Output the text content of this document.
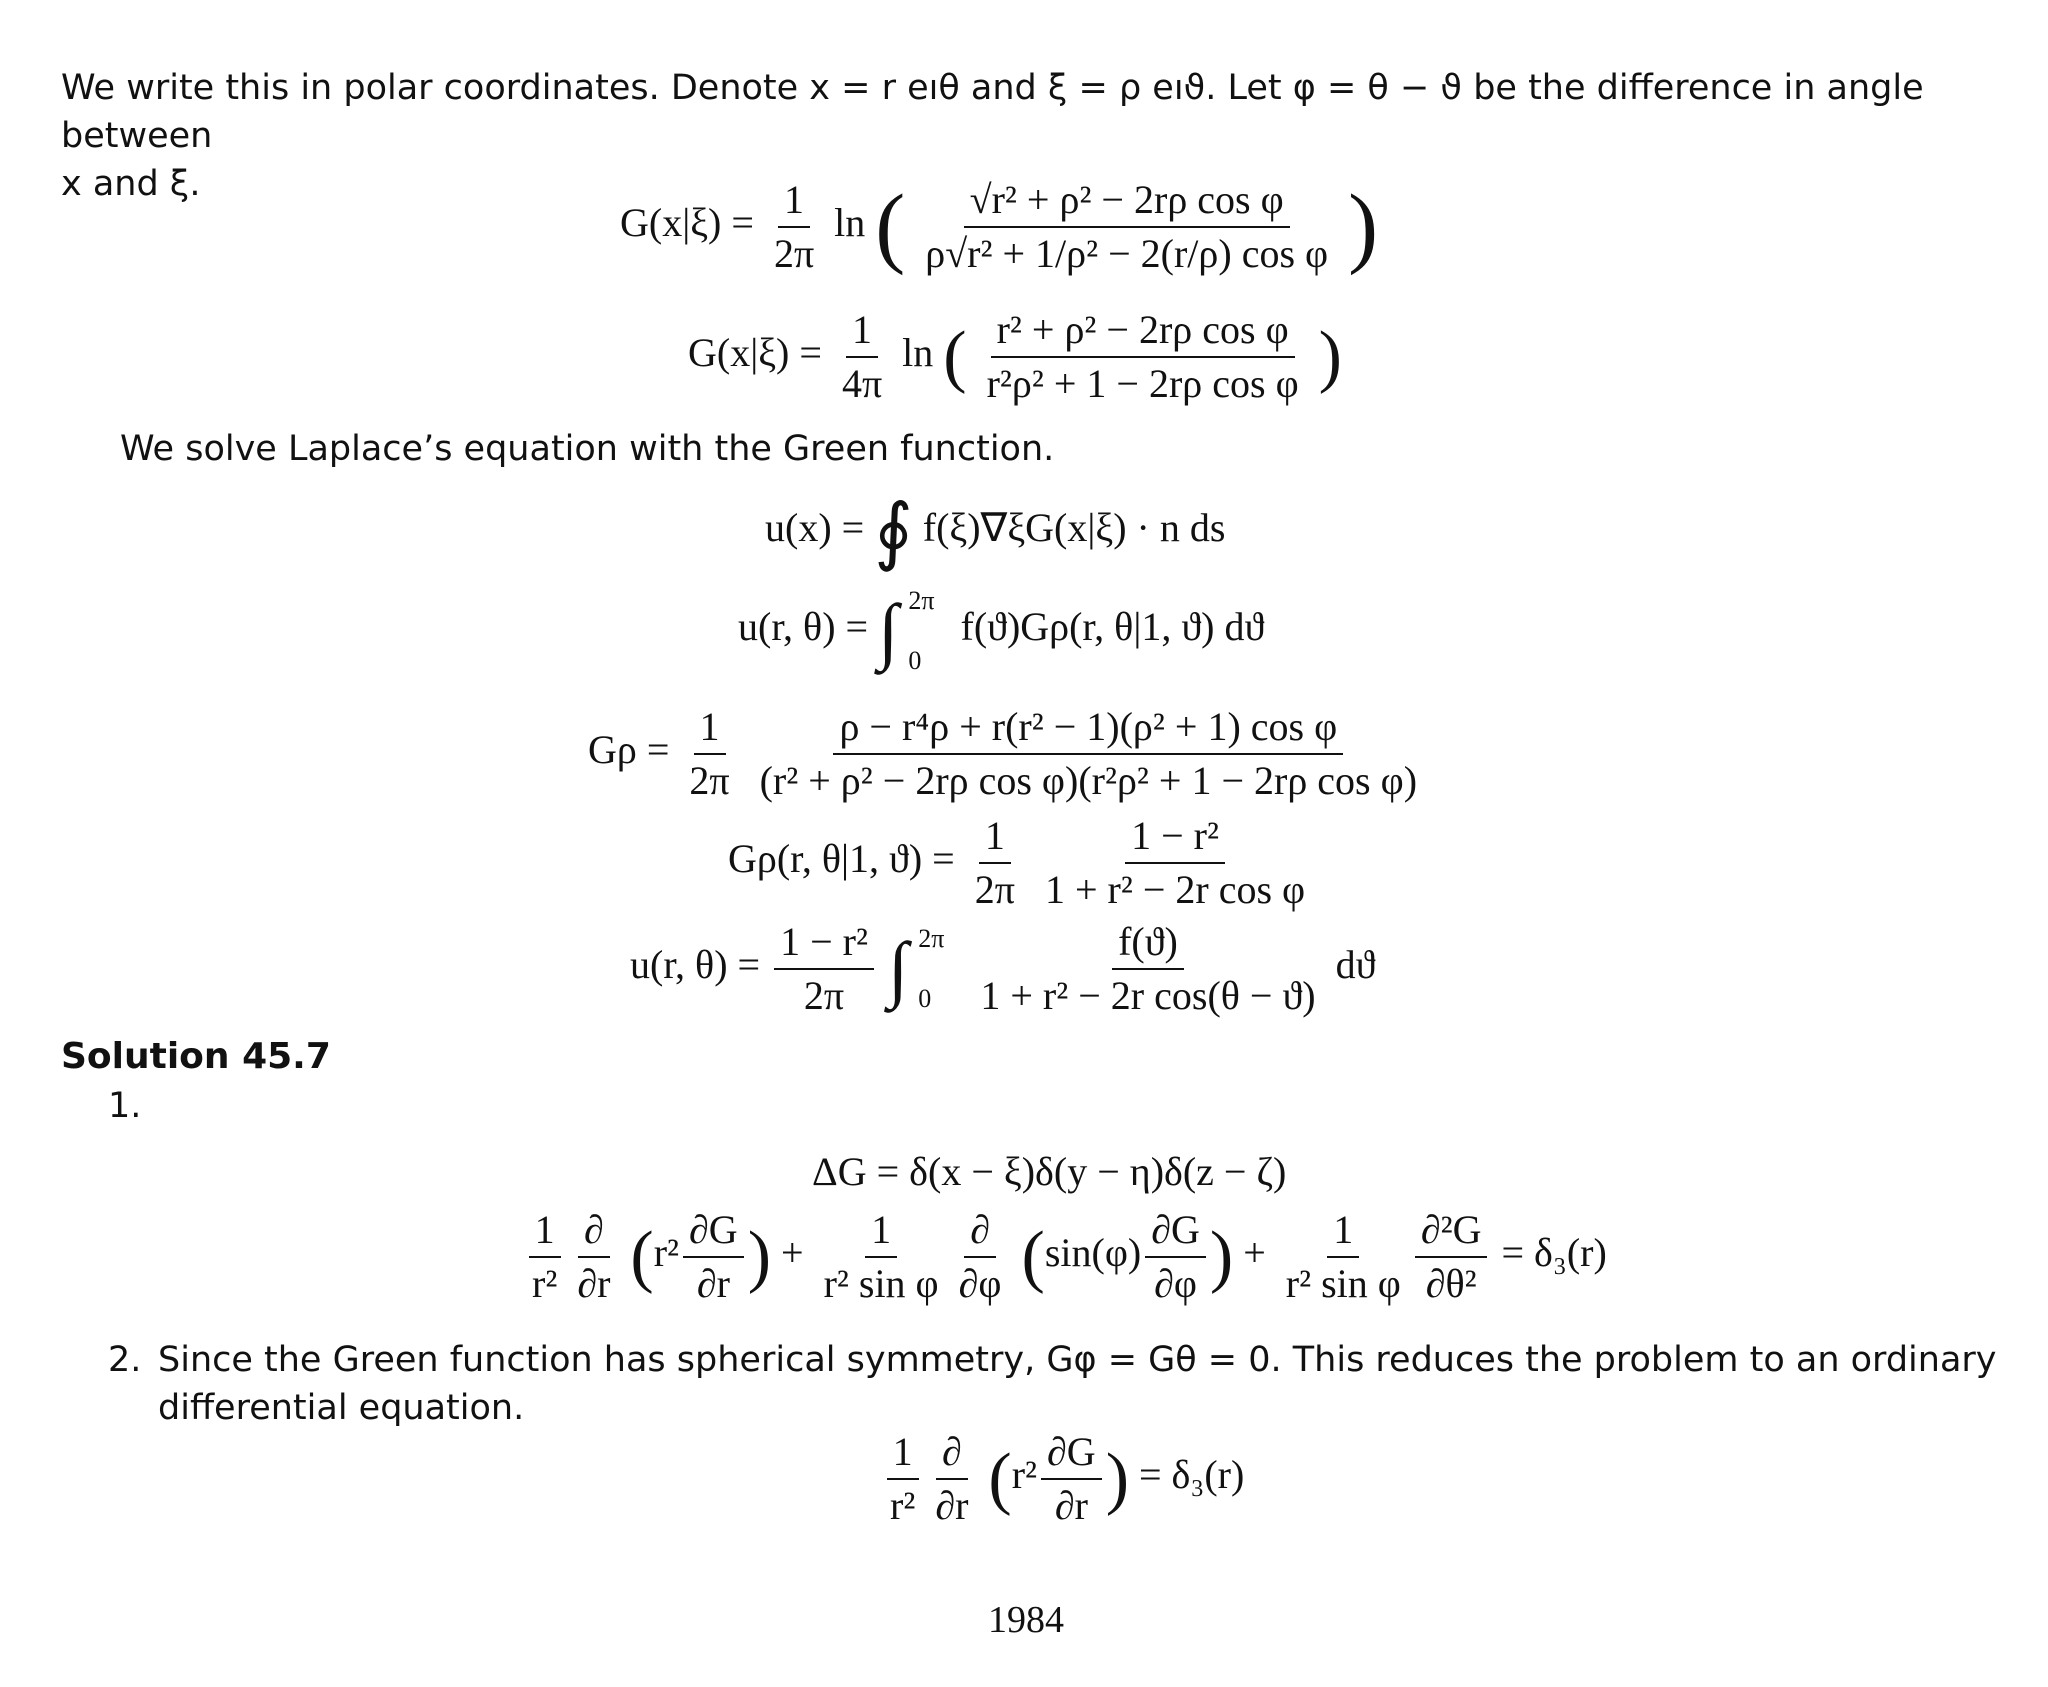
We write this in polar coordinates. Denote x = r eıθ and ξ = ρ eıϑ. Let φ = θ − ϑ be the difference in angle between
x and ξ.
$G(x|\xi) = \frac{1}{2\pi}$ ln ( $\frac{\text{√r² + ρ² − 2rρ cos φ}}{\text{ρ√r² + 1/ρ² − 2(r/ρ) cos φ}}$ )
$G(x|\xi) = \frac{1}{4\pi}$ ln ( $\frac{\text{r² + ρ² − 2rρ cos φ}}{\text{r²ρ² + 1 − 2rρ cos φ}}$ )
We solve Laplace’s equation with the Green function.
u(x) = ∮ f(ξ)∇ξG(x|ξ) · n ds
u(r, θ) = ∫ 2π
0
f(ϑ)Gρ(r, θ|1, ϑ) dϑ
$G\rho = \frac{1}{2\pi}$
$\frac{\text{ρ − r⁴ρ + r(r² − 1)(ρ² + 1) cos φ}}{\text{(r² + ρ² − 2rρ cos φ)(r²ρ² + 1 − 2rρ cos φ)}}$
Gρ(r, θ|1, $ϑ) = \frac{1}{2\pi}$
$\frac{\text{1 − r²}}{\text{1 + r² − 2r cos φ}}$
u(r, $\theta) = \frac{\text{1 − r²}}{2\pi}$ ∫ 2π
0
	$\frac{f(ϑ)}{\text{1 + r² − 2r cos(θ − ϑ)}}$ dϑ
Solution 45.7
1.
ΔG = δ(x − ξ)δ(y − η)δ(z − ζ)
$\frac{1}{\text{r²}} \frac{\partial}{\partial r} (r^2 \frac{\partial G}{\partial r}$ ) + $\frac{1}{\text{r² sin φ}} \frac{\partial}{\partial\varphi} (\sin(\varphi) \frac{\partial G}{\partial\varphi}$ ) + $\frac{1}{\text{r² sin φ}} \frac{\text{∂²G}}{\text{∂θ²}} = \delta_3(r)$
2. Since the Green function has spherical symmetry, Gφ = Gθ = 0. This reduces the problem to an ordinary
differential equation.
$\frac{1}{\text{r²}} \frac{\partial}{\partial r} (r^2 \frac{\partial G}{\partial r}$ ) = δ₃(r)
1984
